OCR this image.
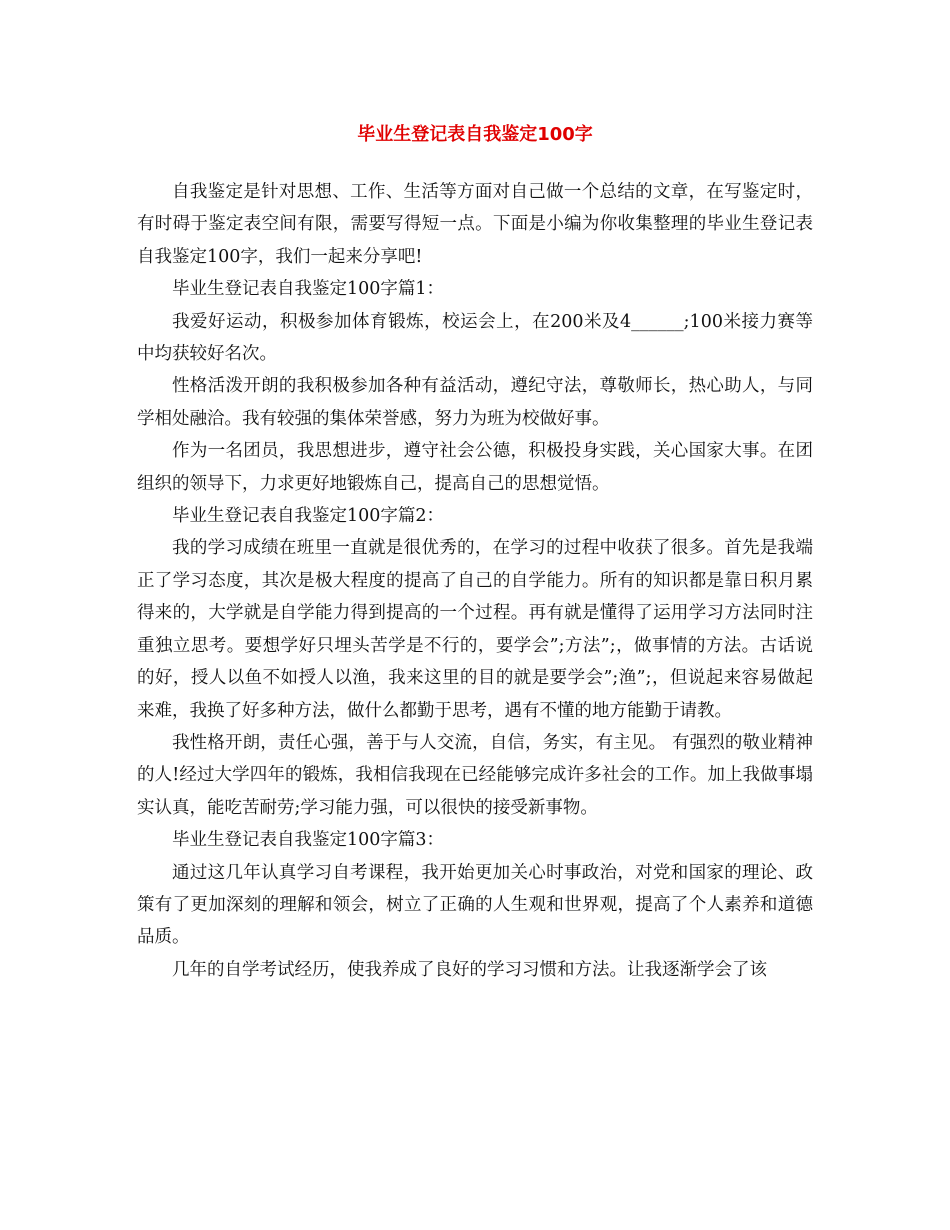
毕业生登记表自我鉴定100字

自我鉴定是针对思想、工作、生活等方面对自己做一个总结的文章，在写鉴定时，有时碍于鉴定表空间有限，需要写得短一点。下面是小编为你收集整理的毕业生登记表自我鉴定100字，我们一起来分享吧!

毕业生登记表自我鉴定100字篇1：

我爱好运动，积极参加体育锻炼，校运会上，在200米及4______;100米接力赛等中均获较好名次。

性格活泼开朗的我积极参加各种有益活动，遵纪守法，尊敬师长，热心助人，与同学相处融洽。我有较强的集体荣誉感，努力为班为校做好事。

作为一名团员，我思想进步，遵守社会公德，积极投身实践，关心国家大事。在团组织的领导下，力求更好地锻炼自己，提高自己的思想觉悟。

毕业生登记表自我鉴定100字篇2：

我的学习成绩在班里一直就是很优秀的，在学习的过程中收获了很多。首先是我端正了学习态度，其次是极大程度的提高了自己的自学能力。所有的知识都是靠日积月累得来的，大学就是自学能力得到提高的一个过程。再有就是懂得了运用学习方法同时注重独立思考。要想学好只埋头苦学是不行的，要学会”;方法”;，做事情的方法。古话说的好，授人以鱼不如授人以渔，我来这里的目的就是要学会”;渔”;，但说起来容易做起来难，我换了好多种方法，做什么都勤于思考，遇有不懂的地方能勤于请教。

我性格开朗，责任心强，善于与人交流，自信，务实，有主见。 有强烈的敬业精神的人!经过大学四年的锻炼，我相信我现在已经能够完成许多社会的工作。加上我做事塌实认真，能吃苦耐劳;学习能力强，可以很快的接受新事物。

毕业生登记表自我鉴定100字篇3：

通过这几年认真学习自考课程，我开始更加关心时事政治，对党和国家的理论、政策有了更加深刻的理解和领会，树立了正确的人生观和世界观，提高了个人素养和道德品质。

几年的自学考试经历，使我养成了良好的学习习惯和方法。让我逐渐学会了该
